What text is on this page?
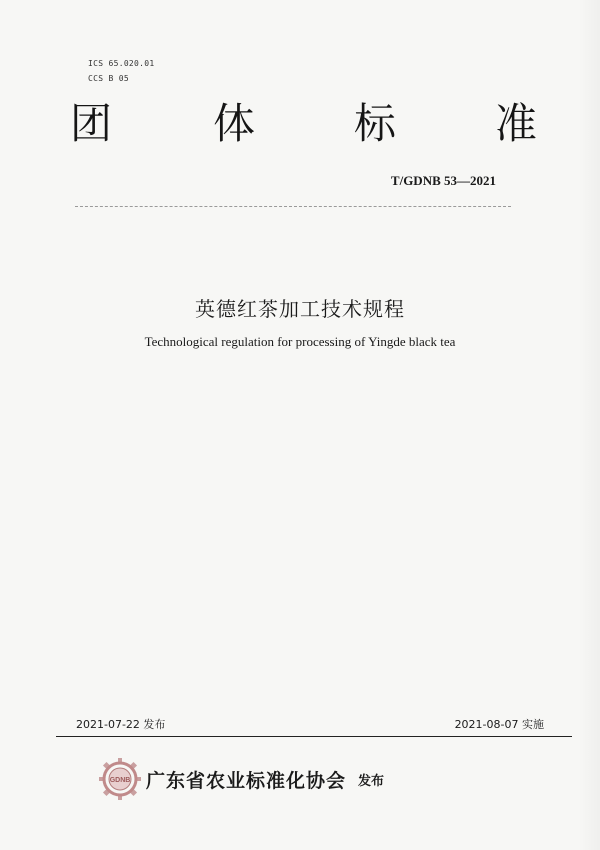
ICS 65.020.01
CCS B 05
团 体 标 准
T/GDNB 53—2021
英德红茶加工技术规程
Technological regulation for processing of Yingde black tea
2021-07-22 发布	2021-08-07 实施
GDNB 广东省农业标准化协会 发布
